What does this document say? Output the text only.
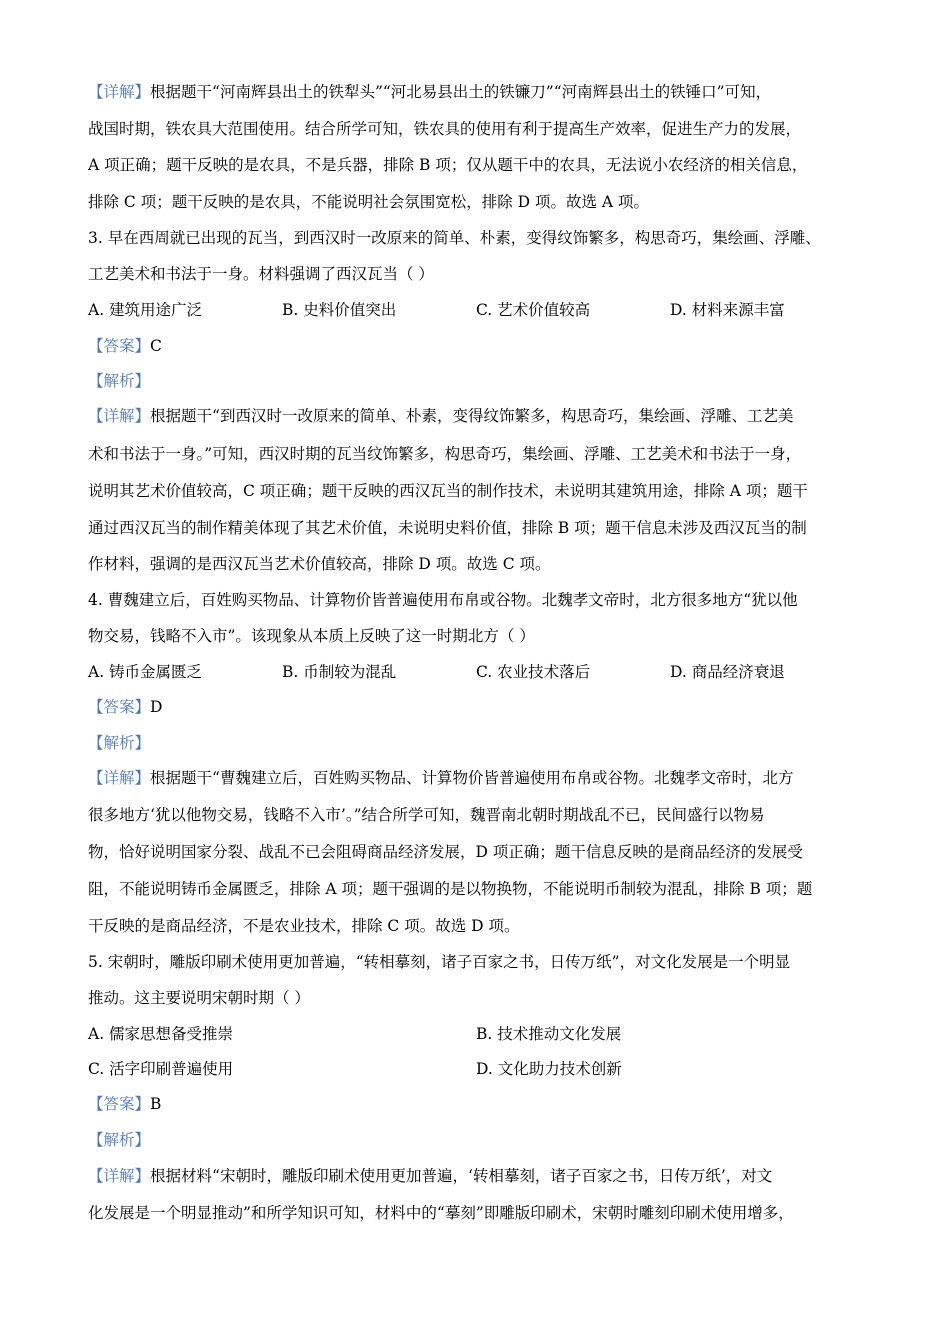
【详解】根据题干“河南辉县出土的铁犁头”“河北易县出土的铁镰刀”“河南辉县出土的铁锤口”可知，
战国时期，铁农具大范围使用。结合所学可知，铁农具的使用有利于提高生产效率，促进生产力的发展，
A 项正确；题干反映的是农具，不是兵器，排除 B 项；仅从题干中的农具，无法说小农经济的相关信息，
排除 C 项；题干反映的是农具，不能说明社会氛围宽松，排除 D 项。故选 A 项。
3. 早在西周就已出现的瓦当，到西汉时一改原来的简单、朴素，变得纹饰繁多，构思奇巧，集绘画、浮雕、
工艺美术和书法于一身。材料强调了西汉瓦当（ ）
A. 建筑用途广泛	B. 史料价值突出	C. 艺术价值较高	D. 材料来源丰富
【答案】C
【解析】
【详解】根据题干“到西汉时一改原来的简单、朴素，变得纹饰繁多，构思奇巧，集绘画、浮雕、工艺美
术和书法于一身。”可知，西汉时期的瓦当纹饰繁多，构思奇巧，集绘画、浮雕、工艺美术和书法于一身，
说明其艺术价值较高，C 项正确；题干反映的西汉瓦当的制作技术，未说明其建筑用途，排除 A 项；题干
通过西汉瓦当的制作精美体现了其艺术价值，未说明史料价值，排除 B 项；题干信息未涉及西汉瓦当的制
作材料，强调的是西汉瓦当艺术价值较高，排除 D 项。故选 C 项。
4. 曹魏建立后，百姓购买物品、计算物价皆普遍使用布帛或谷物。北魏孝文帝时，北方很多地方“犹以他
物交易，钱略不入市”。该现象从本质上反映了这一时期北方（ ）
A. 铸币金属匮乏	B. 币制较为混乱	C. 农业技术落后	D. 商品经济衰退
【答案】D
【解析】
【详解】根据题干“曹魏建立后，百姓购买物品、计算物价皆普遍使用布帛或谷物。北魏孝文帝时，北方
很多地方‘犹以他物交易，钱略不入市’。”结合所学可知，魏晋南北朝时期战乱不已，民间盛行以物易
物，恰好说明国家分裂、战乱不已会阻碍商品经济发展，D 项正确；题干信息反映的是商品经济的发展受
阻，不能说明铸币金属匮乏，排除 A 项；题干强调的是以物换物，不能说明币制较为混乱，排除 B 项；题
干反映的是商品经济，不是农业技术，排除 C 项。故选 D 项。
5. 宋朝时，雕版印刷术使用更加普遍，“转相摹刻，诸子百家之书，日传万纸”，对文化发展是一个明显
推动。这主要说明宋朝时期（ ）
A. 儒家思想备受推崇	B. 技术推动文化发展
C. 活字印刷普遍使用	D. 文化助力技术创新
【答案】B
【解析】
【详解】根据材料“宋朝时，雕版印刷术使用更加普遍，‘转相摹刻，诸子百家之书，日传万纸’，对文
化发展是一个明显推动”和所学知识可知，材料中的“摹刻”即雕版印刷术，宋朝时雕刻印刷术使用增多，
